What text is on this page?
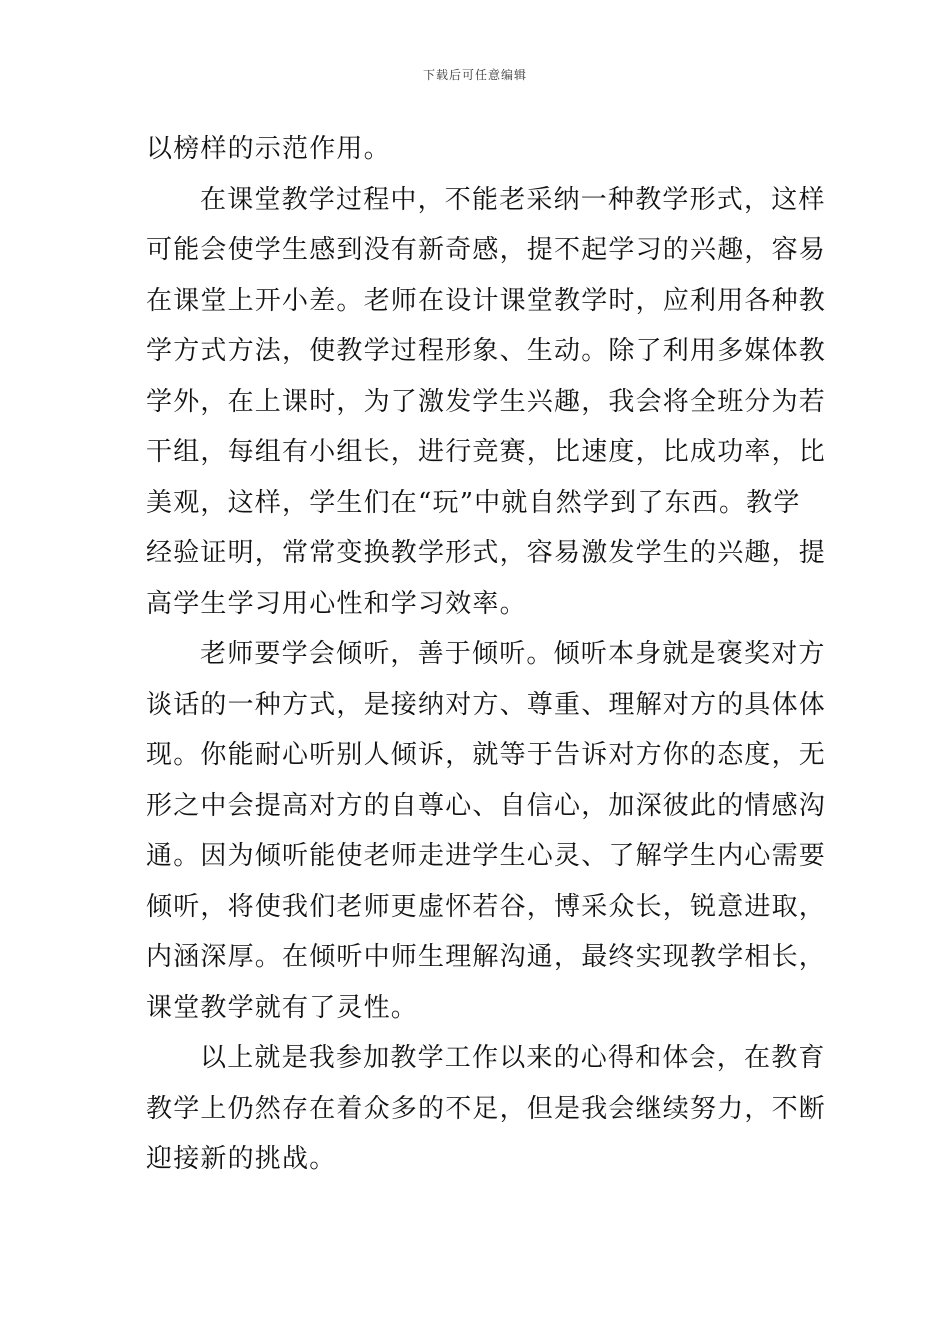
下载后可任意编辑
以榜样的示范作用。
在课堂教学过程中，不能老采纳一种教学形式，这样
可能会使学生感到没有新奇感，提不起学习的兴趣，容易
在课堂上开小差。老师在设计课堂教学时，应利用各种教
学方式方法，使教学过程形象、生动。除了利用多媒体教
学外，在上课时，为了激发学生兴趣，我会将全班分为若
干组，每组有小组长，进行竞赛，比速度，比成功率，比
美观，这样，学生们在“玩”中就自然学到了东西。教学
经验证明，常常变换教学形式，容易激发学生的兴趣，提
高学生学习用心性和学习效率。
老师要学会倾听，善于倾听。倾听本身就是褒奖对方
谈话的一种方式，是接纳对方、尊重、理解对方的具体体
现。你能耐心听别人倾诉，就等于告诉对方你的态度，无
形之中会提高对方的自尊心、自信心，加深彼此的情感沟
通。因为倾听能使老师走进学生心灵、了解学生内心需要
倾听，将使我们老师更虚怀若谷，博采众长，锐意进取，
内涵深厚。在倾听中师生理解沟通，最终实现教学相长，
课堂教学就有了灵性。
以上就是我参加教学工作以来的心得和体会，在教育
教学上仍然存在着众多的不足，但是我会继续努力，不断
迎接新的挑战。
